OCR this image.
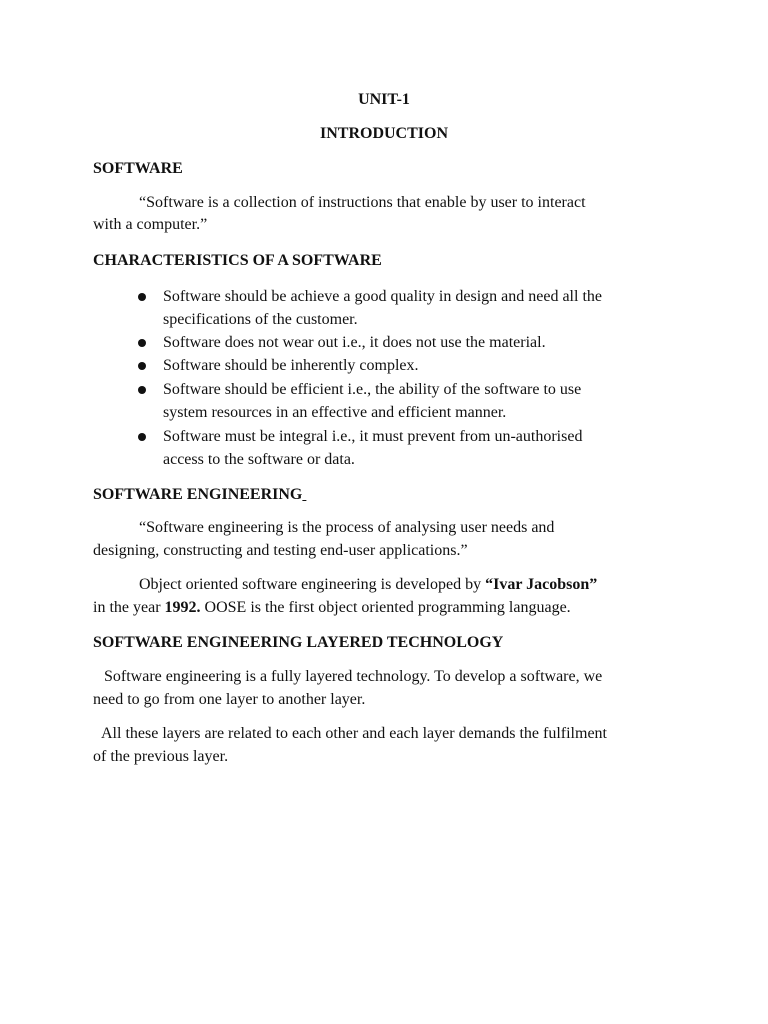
UNIT-1

INTRODUCTION

SOFTWARE

“Software is a collection of instructions that enable by user to interact

with a computer.”

CHARACTERISTICS OF A SOFTWARE

Software should be achieve a good quality in design and need all the

specifications of the customer.

Software does not wear out i.e., it does not use the material.

Software should be inherently complex.

Software should be efficient i.e., the ability of the software to use

system resources in an effective and efficient manner.

Software must be integral i.e., it must prevent from un-authorised

access to the software or data.

SOFTWARE ENGINEERING

“Software engineering is the process of analysing user needs and

designing, constructing and testing end-user applications.”

Object oriented software engineering is developed by “Ivar Jacobson”

in the year 1992. OOSE is the first object oriented programming language.

SOFTWARE ENGINEERING LAYERED TECHNOLOGY

Software engineering is a fully layered technology. To develop a software, we

need to go from one layer to another layer.

All these layers are related to each other and each layer demands the fulfilment

of the previous layer.
